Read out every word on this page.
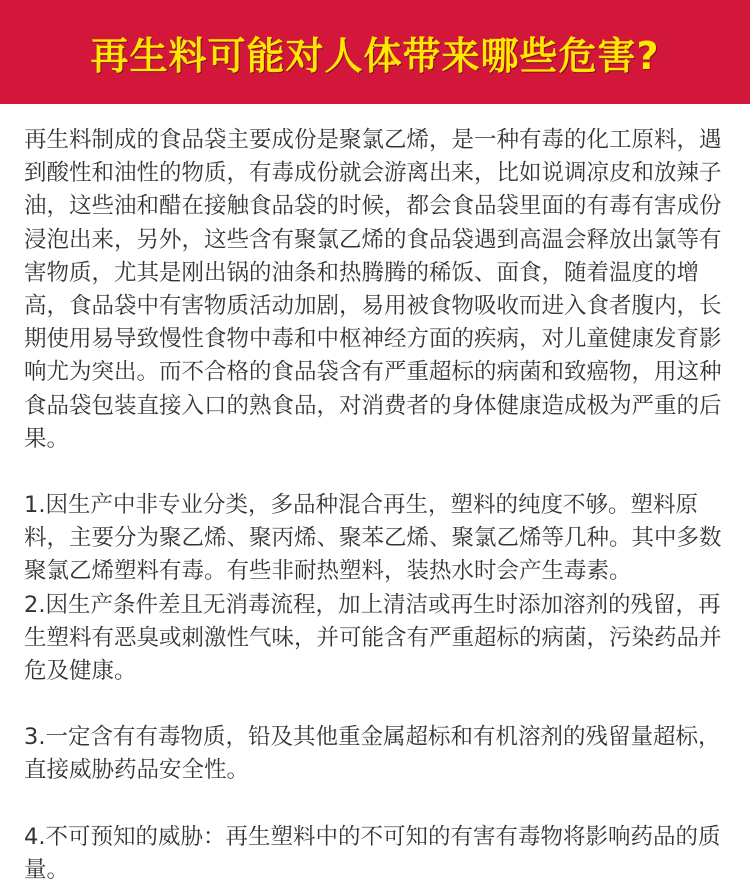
再生料可能对人体带来哪些危害?

再生料制成的食品袋主要成份是聚氯乙烯，是一种有毒的化工原料，遇到酸性和油性的物质，有毒成份就会游离出来，比如说调凉皮和放辣子油，这些油和醋在接触食品袋的时候，都会食品袋里面的有毒有害成份浸泡出来，另外，这些含有聚氯乙烯的食品袋遇到高温会释放出氯等有害物质，尤其是刚出锅的油条和热腾腾的稀饭、面食，随着温度的增高，食品袋中有害物质活动加剧，易用被食物吸收而进入食者腹内，长期使用易导致慢性食物中毒和中枢神经方面的疾病，对儿童健康发育影响尤为突出。而不合格的食品袋含有严重超标的病菌和致癌物，用这种食品袋包装直接入口的熟食品，对消费者的身体健康造成极为严重的后果。

1.因生产中非专业分类，多品种混合再生，塑料的纯度不够。塑料原料，主要分为聚乙烯、聚丙烯、聚苯乙烯、聚氯乙烯等几种。其中多数聚氯乙烯塑料有毒。有些非耐热塑料，装热水时会产生毒素。

2.因生产条件差且无消毒流程，加上清洁或再生时添加溶剂的残留，再生塑料有恶臭或刺激性气味，并可能含有严重超标的病菌，污染药品并危及健康。

3.一定含有有毒物质，铅及其他重金属超标和有机溶剂的残留量超标，直接威胁药品安全性。

4.不可预知的威胁：再生塑料中的不可知的有害有毒物将影响药品的质量。
